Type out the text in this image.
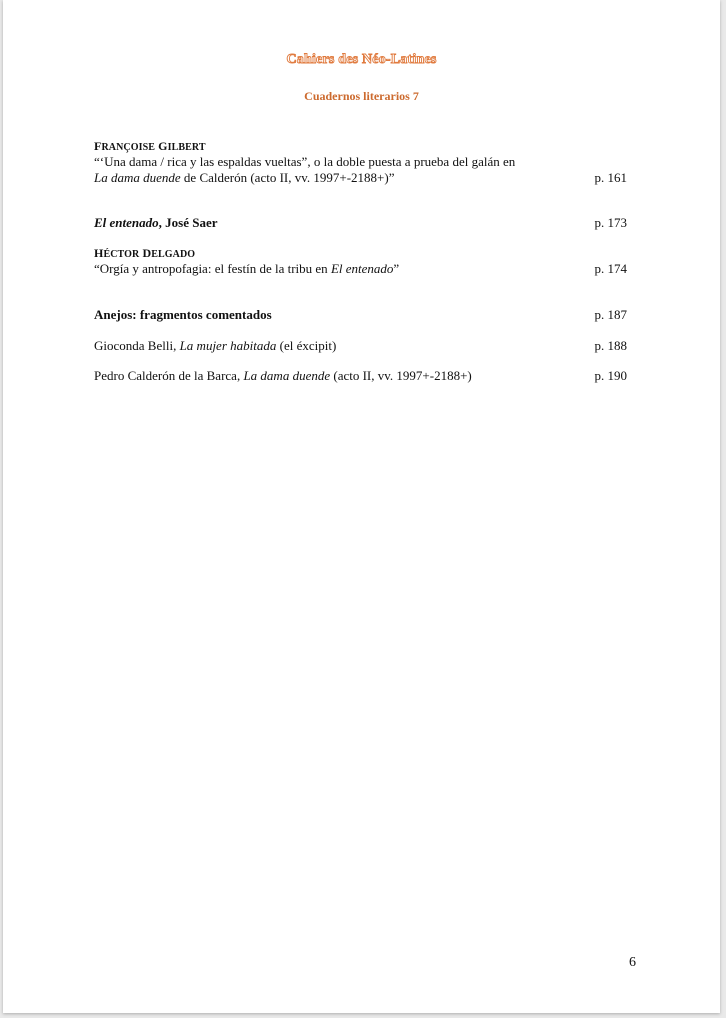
Cahiers des Néo-Latines
Cuadernos literarios 7
FRANÇOISE GILBERT
“‘Una dama / rica y las espaldas vueltas”, o la doble puesta a prueba del galán en
La dama duende de Calderón (acto II, vv. 1997+-2188+)”	p. 161
El entenado, José Saer	p. 173
HÉCTOR DELGADO
“Orgía y antropofagia: el festín de la tribu en El entenado”	p. 174
Anejos: fragmentos comentados	p. 187
Gioconda Belli, La mujer habitada (el éxcipit)	p. 188
Pedro Calderón de la Barca, La dama duende (acto II, vv. 1997+-2188+)	p. 190
6
